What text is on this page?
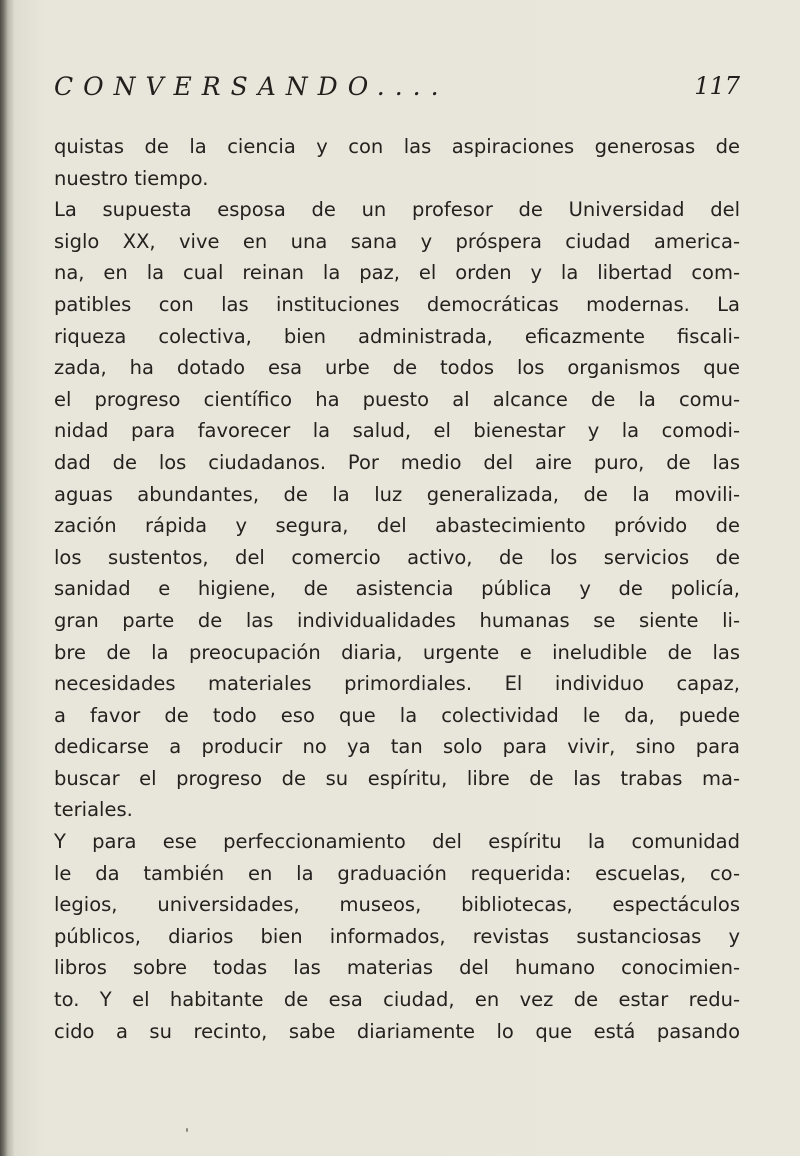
CONVERSANDO....	117
quistas de la ciencia y con las aspiraciones generosas de
nuestro tiempo.
La supuesta esposa de un profesor de Universidad del
siglo XX, vive en una sana y próspera ciudad america-
na, en la cual reinan la paz, el orden y la libertad com-
patibles con las instituciones democráticas modernas. La
riqueza colectiva, bien administrada, eficazmente fiscali-
zada, ha dotado esa urbe de todos los organismos que
el progreso científico ha puesto al alcance de la comu-
nidad para favorecer la salud, el bienestar y la comodi-
dad de los ciudadanos. Por medio del aire puro, de las
aguas abundantes, de la luz generalizada, de la movili-
zación rápida y segura, del abastecimiento próvido de
los sustentos, del comercio activo, de los servicios de
sanidad e higiene, de asistencia pública y de policía,
gran parte de las individualidades humanas se siente li-
bre de la preocupación diaria, urgente e ineludible de las
necesidades materiales primordiales. El individuo capaz,
a favor de todo eso que la colectividad le da, puede
dedicarse a producir no ya tan solo para vivir, sino para
buscar el progreso de su espíritu, libre de las trabas ma-
teriales.
Y para ese perfeccionamiento del espíritu la comunidad
le da también en la graduación requerida: escuelas, co-
legios, universidades, museos, bibliotecas, espectáculos
públicos, diarios bien informados, revistas sustanciosas y
libros sobre todas las materias del humano conocimien-
to. Y el habitante de esa ciudad, en vez de estar redu-
cido a su recinto, sabe diariamente lo que está pasando
